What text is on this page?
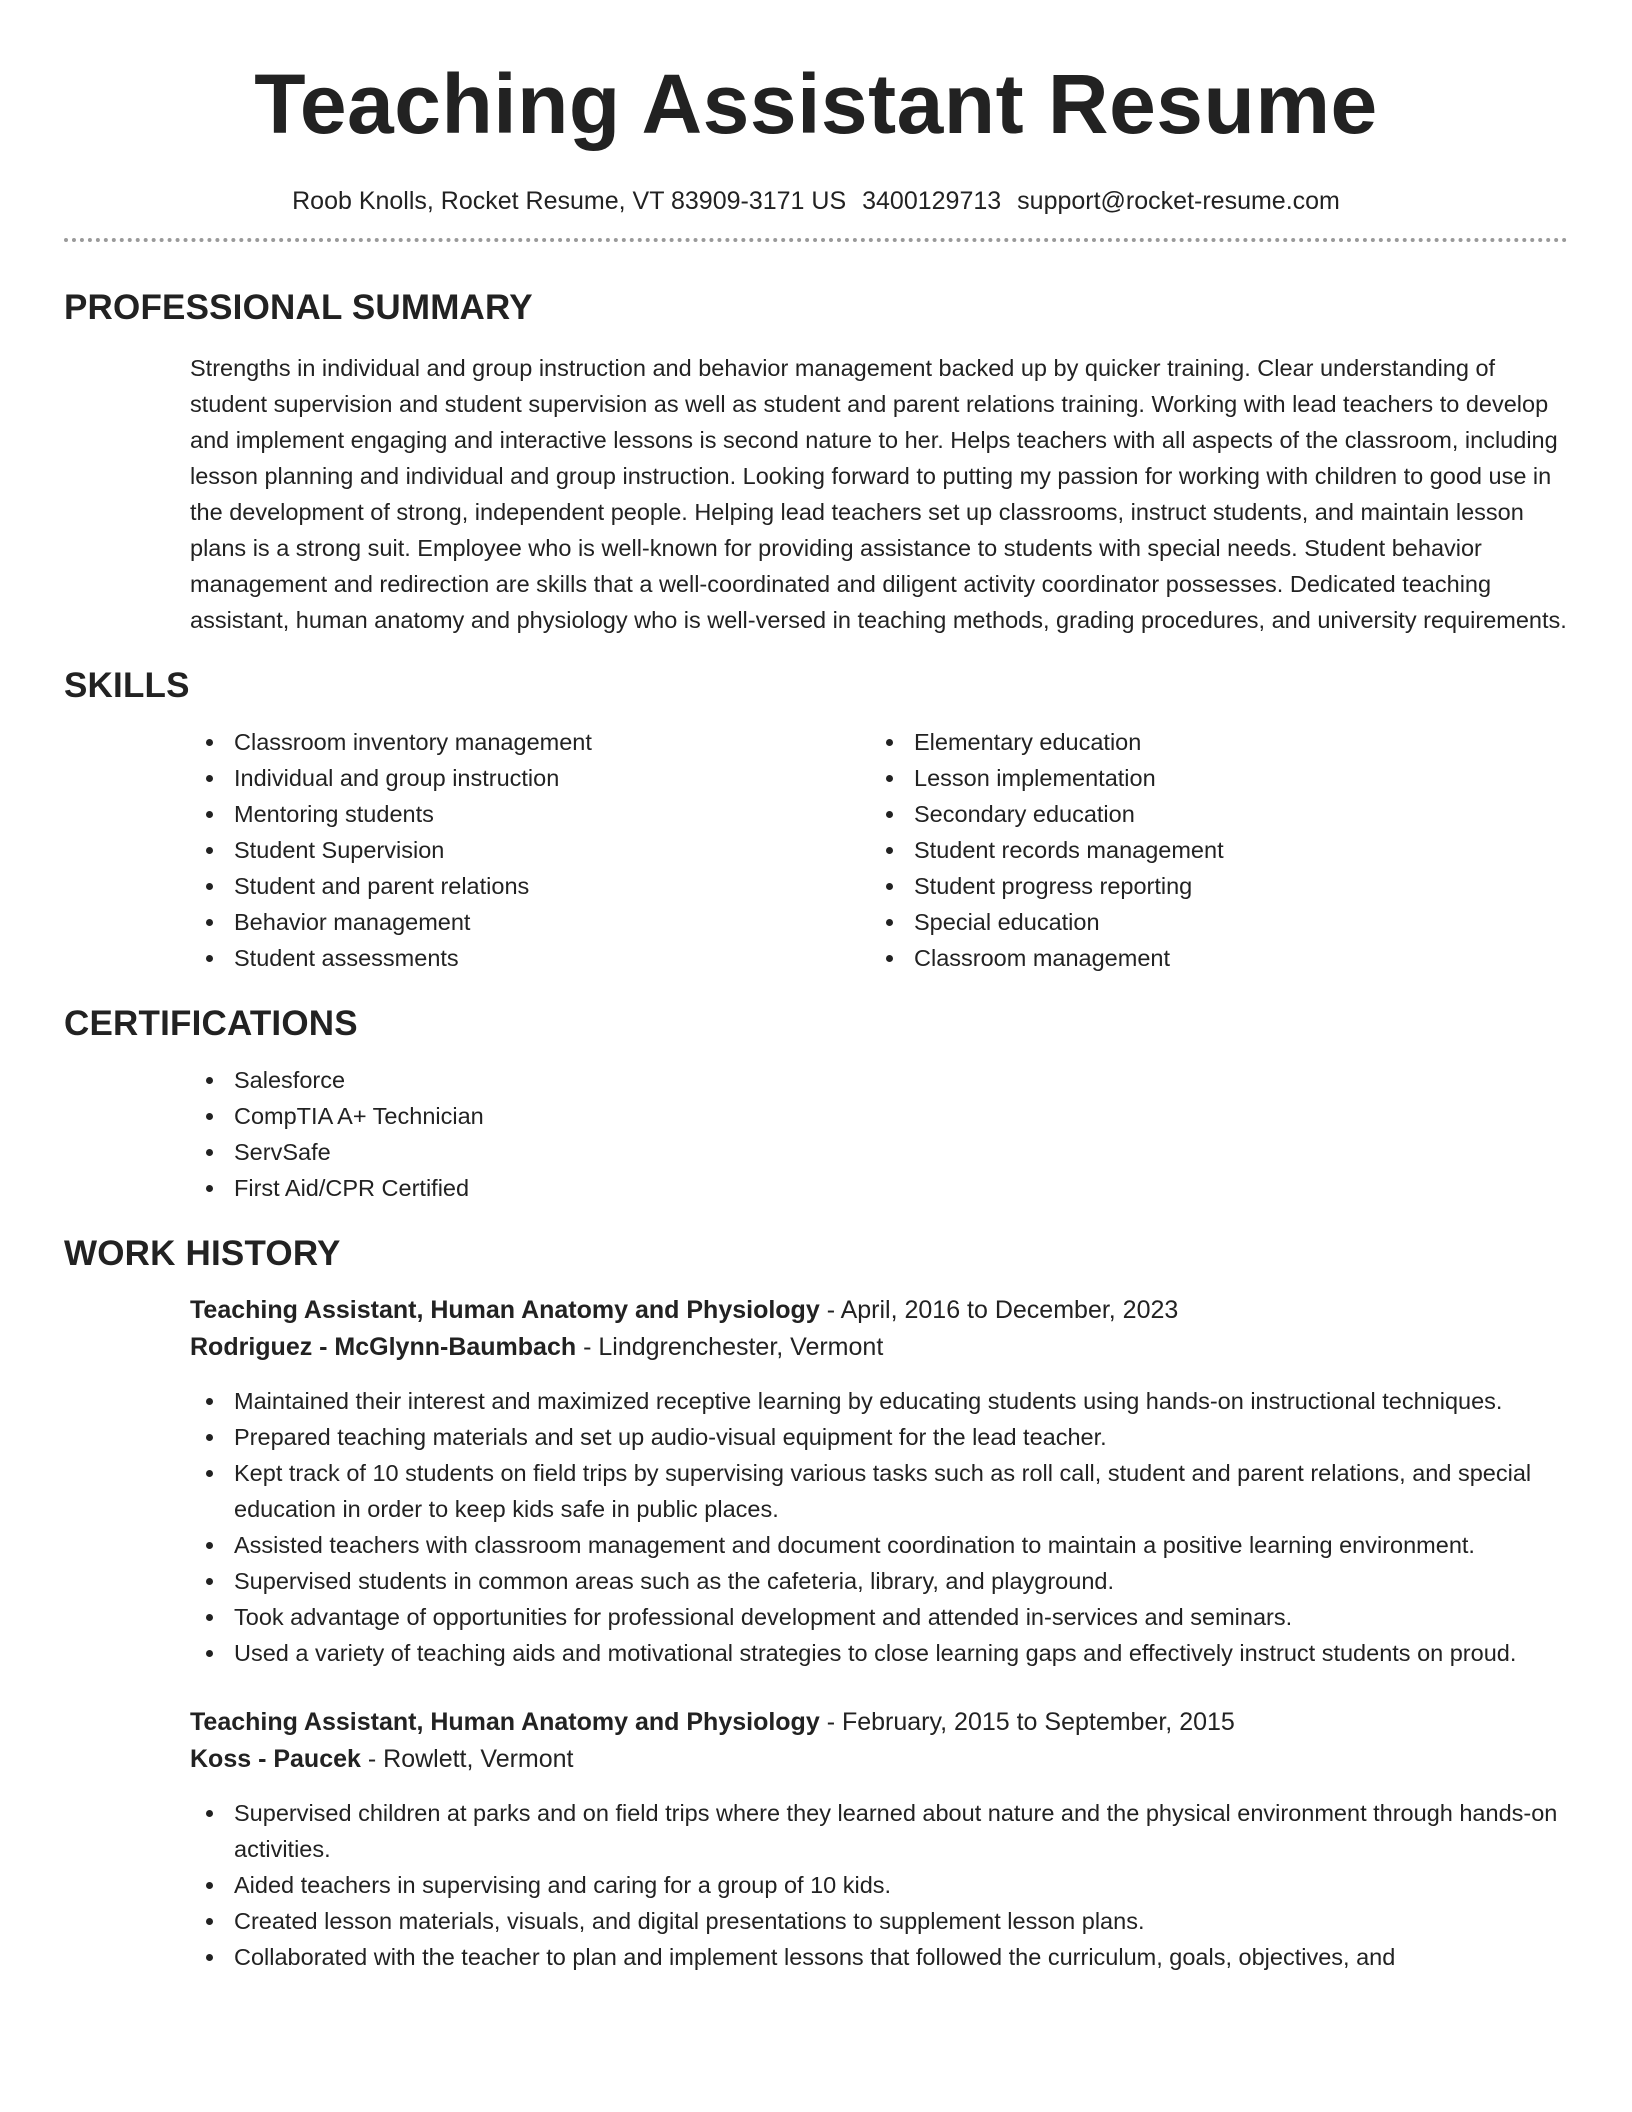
Teaching Assistant Resume
Roob Knolls, Rocket Resume, VT 83909-3171 US 3400129713 support@rocket-resume.com
PROFESSIONAL SUMMARY

Strengths in individual and group instruction and behavior management backed up by quicker training. Clear understanding of student supervision and student supervision as well as student and parent relations training. Working with lead teachers to develop and implement engaging and interactive lessons is second nature to her. Helps teachers with all aspects of the classroom, including lesson planning and individual and group instruction. Looking forward to putting my passion for working with children to good use in the development of strong, independent people. Helping lead teachers set up classrooms, instruct students, and maintain lesson plans is a strong suit. Employee who is well-known for providing assistance to students with special needs. Student behavior management and redirection are skills that a well-coordinated and diligent activity coordinator possesses. Dedicated teaching assistant, human anatomy and physiology who is well-versed in teaching methods, grading procedures, and university requirements.

SKILLS
Classroom inventory management
Individual and group instruction
Mentoring students
Student Supervision
Student and parent relations
Behavior management
Student assessments
Elementary education
Lesson implementation
Secondary education
Student records management
Student progress reporting
Special education
Classroom management
CERTIFICATIONS
Salesforce
CompTIA A+ Technician
ServSafe
First Aid/CPR Certified
WORK HISTORY
Teaching Assistant, Human Anatomy and Physiology - April, 2016 to December, 2023
Rodriguez - McGlynn-Baumbach - Lindgrenchester, Vermont
Maintained their interest and maximized receptive learning by educating students using hands-on instructional techniques.
Prepared teaching materials and set up audio-visual equipment for the lead teacher.
Kept track of 10 students on field trips by supervising various tasks such as roll call, student and parent relations, and special education in order to keep kids safe in public places.
Assisted teachers with classroom management and document coordination to maintain a positive learning environment.
Supervised students in common areas such as the cafeteria, library, and playground.
Took advantage of opportunities for professional development and attended in-services and seminars.
Used a variety of teaching aids and motivational strategies to close learning gaps and effectively instruct students on proud.
Teaching Assistant, Human Anatomy and Physiology - February, 2015 to September, 2015
Koss - Paucek - Rowlett, Vermont
Supervised children at parks and on field trips where they learned about nature and the physical environment through hands-on activities.
Aided teachers in supervising and caring for a group of 10 kids.
Created lesson materials, visuals, and digital presentations to supplement lesson plans.
Collaborated with the teacher to plan and implement lessons that followed the curriculum, goals, objectives, and
